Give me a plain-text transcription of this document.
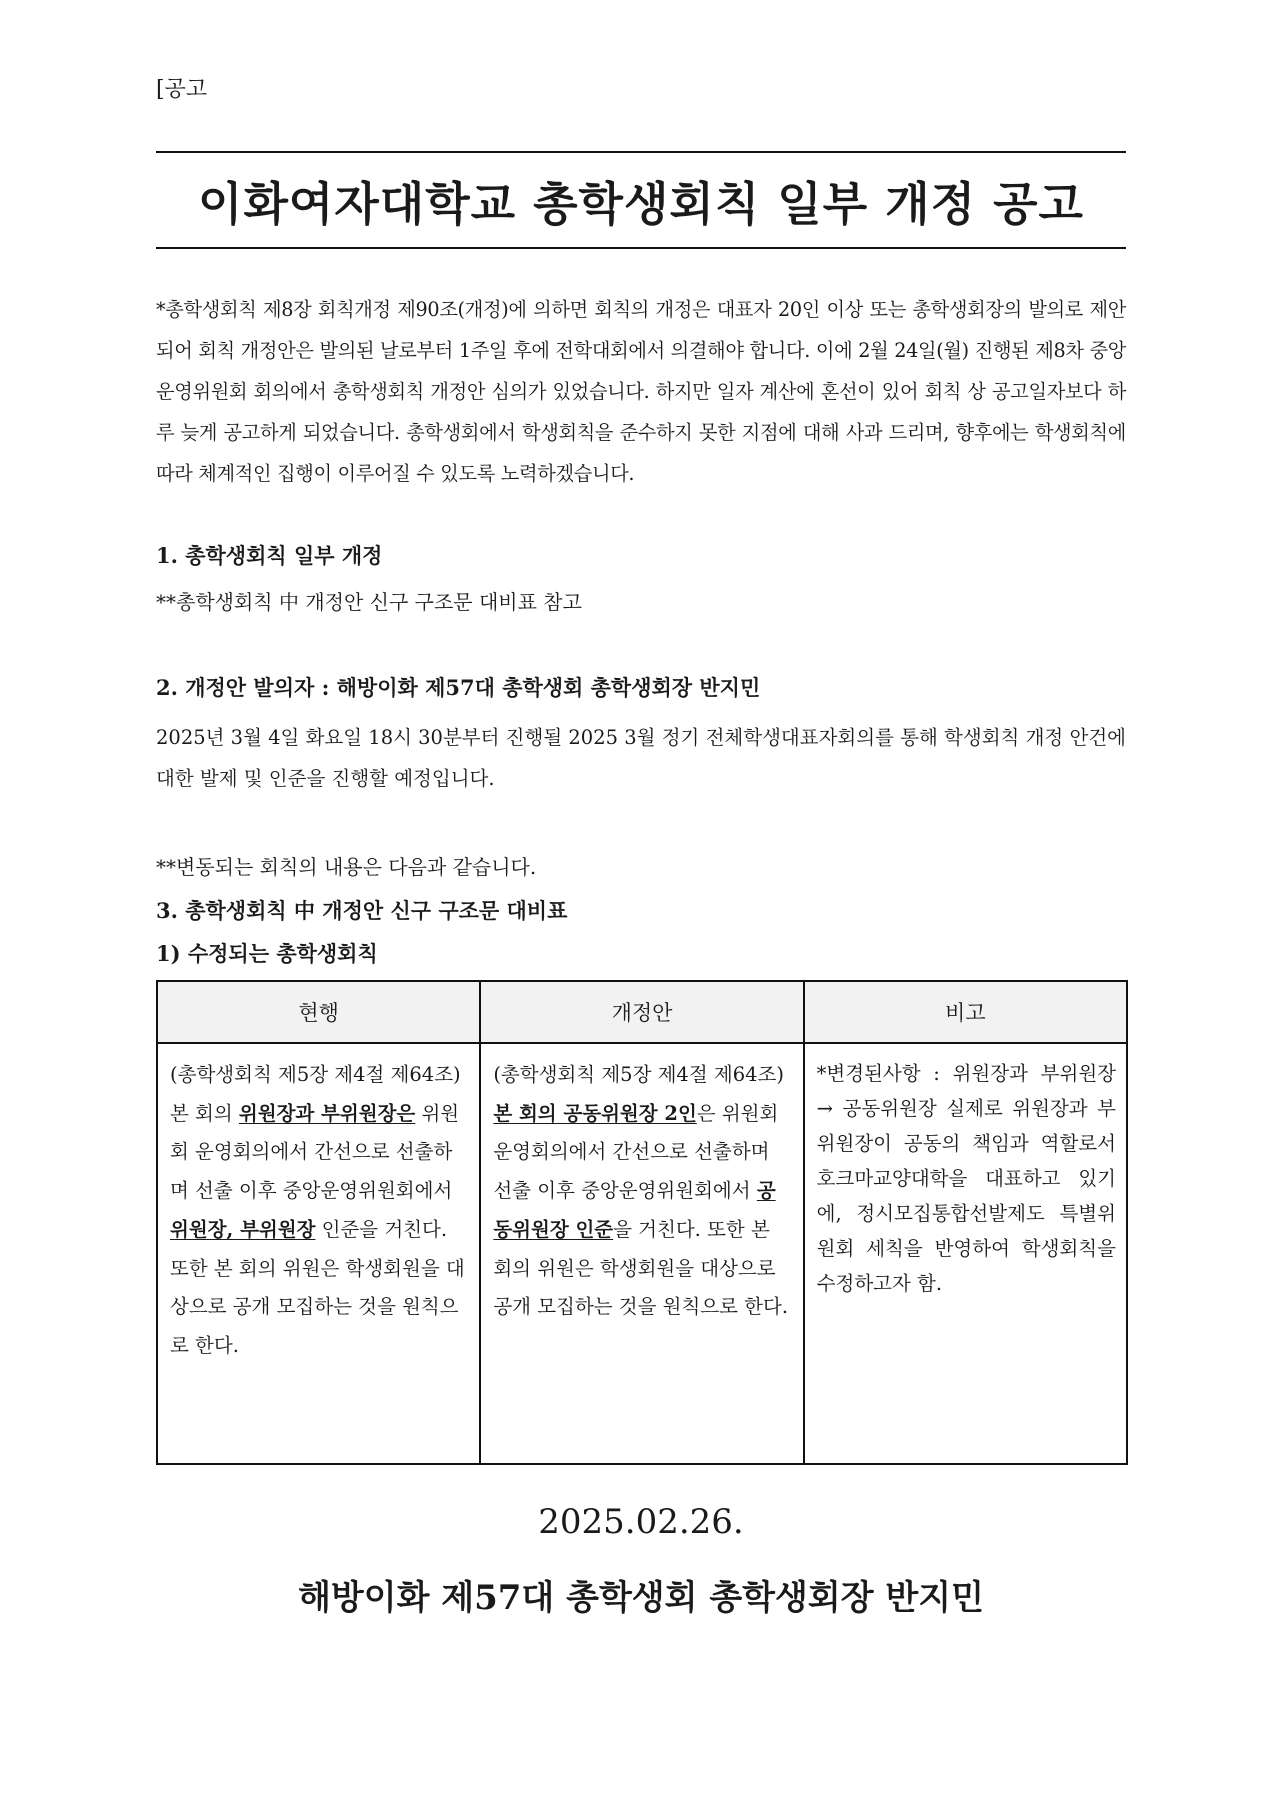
[공고
이화여자대학교 총학생회칙 일부 개정 공고
*총학생회칙 제8장 회칙개정 제90조(개정)에 의하면 회칙의 개정은 대표자 20인 이상 또는 총학생회장의 발의로 제안되어 회칙 개정안은 발의된 날로부터 1주일 후에 전학대회에서 의결해야 합니다. 이에 2월 24일(월) 진행된 제8차 중앙운영위원회 회의에서 총학생회칙 개정안 심의가 있었습니다. 하지만 일자 계산에 혼선이 있어 회칙 상 공고일자보다 하루 늦게 공고하게 되었습니다. 총학생회에서 학생회칙을 준수하지 못한 지점에 대해 사과 드리며, 향후에는 학생회칙에 따라 체계적인 집행이 이루어질 수 있도록 노력하겠습니다.
1. 총학생회칙 일부 개정
**총학생회칙 中 개정안 신구 구조문 대비표 참고
2. 개정안 발의자 : 해방이화 제57대 총학생회 총학생회장 반지민
2025년 3월 4일 화요일 18시 30분부터 진행될 2025 3월 정기 전체학생대표자회의를 통해 학생회칙 개정 안건에 대한 발제 및 인준을 진행할 예정입니다.
**변동되는 회칙의 내용은 다음과 같습니다.
3. 총학생회칙 中 개정안 신구 구조문 대비표
1) 수정되는 총학생회칙
현행	개정안	비고
(총학생회칙 제5장 제4절 제64조) 본 회의 위원장과 부위원장은 위원회 운영회의에서 간선으로 선출하며 선출 이후 중앙운영위원회에서 위원장, 부위원장 인준을 거친다. 또한 본 회의 위원은 학생회원을 대상으로 공개 모집하는 것을 원칙으로 한다.	(총학생회칙 제5장 제4절 제64조) 본 회의 공동위원장 2인은 위원회 운영회의에서 간선으로 선출하며 선출 이후 중앙운영위원회에서 공동위원장 인준을 거친다. 또한 본 회의 위원은 학생회원을 대상으로 공개 모집하는 것을 원칙으로 한다.	*변경된사항 : 위원장과 부위원장 → 공동위원장 실제로 위원장과 부위원장이 공동의 책임과 역할로서 호크마교양대학을 대표하고 있기에, 정시모집통합선발제도 특별위원회 세칙을 반영하여 학생회칙을 수정하고자 함.
2025.02.26.
해방이화 제57대 총학생회 총학생회장 반지민
